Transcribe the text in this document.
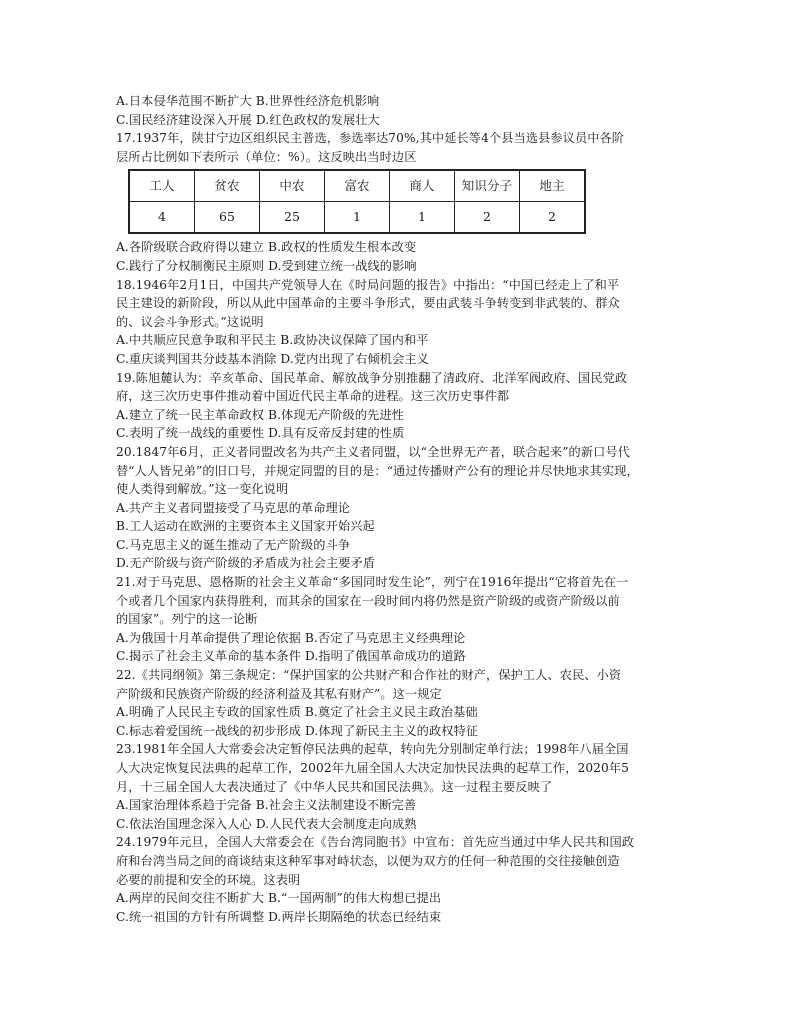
A.日本侵华范围不断扩大 B.世界性经济危机影响
C.国民经济建设深入开展 D.红色政权的发展壮大
17.1937年，陕甘宁边区组织民主普选，参选率达70%,其中延长等4个县当选县参议员中各阶
层所占比例如下表所示（单位：%）。这反映出当时边区
工人	贫农	中农	富农	商人	知识分子	地主
4	65	25	1	1	2	2
A.各阶级联合政府得以建立 B.政权的性质发生根本改变
C.践行了分权制衡民主原则 D.受到建立统一战线的影响
18.1946年2月1日，中国共产党领导人在《时局问题的报告》中指出：“中国已经走上了和平
民主建设的新阶段，所以从此中国革命的主要斗争形式，要由武装斗争转变到非武装的、群众
的、议会斗争形式。”这说明
A.中共顺应民意争取和平民主 B.政协决议保障了国内和平
C.重庆谈判国共分歧基本消除 D.党内出现了右倾机会主义
19.陈旭麓认为：辛亥革命、国民革命、解放战争分别推翻了清政府、北洋军阀政府、国民党政
府，这三次历史事件推动着中国近代民主革命的进程。这三次历史事件都
A.建立了统一民主革命政权 B.体现无产阶级的先进性
C.表明了统一战线的重要性 D.具有反帝反封建的性质
20.1847年6月，正义者同盟改名为共产主义者同盟，以“全世界无产者，联合起来”的新口号代
替“人人皆兄弟”的旧口号，并规定同盟的目的是：“通过传播财产公有的理论并尽快地求其实现，
使人类得到解放。”这一变化说明
A.共产主义者同盟接受了马克思的革命理论
B.工人运动在欧洲的主要资本主义国家开始兴起
C.马克思主义的诞生推动了无产阶级的斗争
D.无产阶级与资产阶级的矛盾成为社会主要矛盾
21.对于马克思、恩格斯的社会主义革命“多国同时发生论”，列宁在1916年提出“它将首先在一
个或者几个国家内获得胜利，而其余的国家在一段时间内将仍然是资产阶级的或资产阶级以前
的国家”。列宁的这一论断
A.为俄国十月革命提供了理论依据 B.否定了马克思主义经典理论
C.揭示了社会主义革命的基本条件 D.指明了俄国革命成功的道路
22.《共同纲领》第三条规定：“保护国家的公共财产和合作社的财产，保护工人、农民、小资
产阶级和民族资产阶级的经济利益及其私有财产”。这一规定
A.明确了人民民主专政的国家性质 B.奠定了社会主义民主政治基础
C.标志着爱国统一战线的初步形成 D.体现了新民主主义的政权特征
23.1981年全国人大常委会决定暂停民法典的起草，转向先分别制定单行法；1998年八届全国
人大决定恢复民法典的起草工作，2002年九届全国人大决定加快民法典的起草工作，2020年5
月，十三届全国人大表决通过了《中华人民共和国民法典》。这一过程主要反映了
A.国家治理体系趋于完备 B.社会主义法制建设不断完善
C.依法治国理念深入人心 D.人民代表大会制度走向成熟
24.1979年元旦，全国人大常委会在《告台湾同胞书》中宣布：首先应当通过中华人民共和国政
府和台湾当局之间的商谈结束这种军事对峙状态，以便为双方的任何一种范围的交往接触创造
必要的前提和安全的环境。这表明
A.两岸的民间交往不断扩大 B.“一国两制”的伟大构想已提出
C.统一祖国的方针有所调整 D.两岸长期隔绝的状态已经结束
